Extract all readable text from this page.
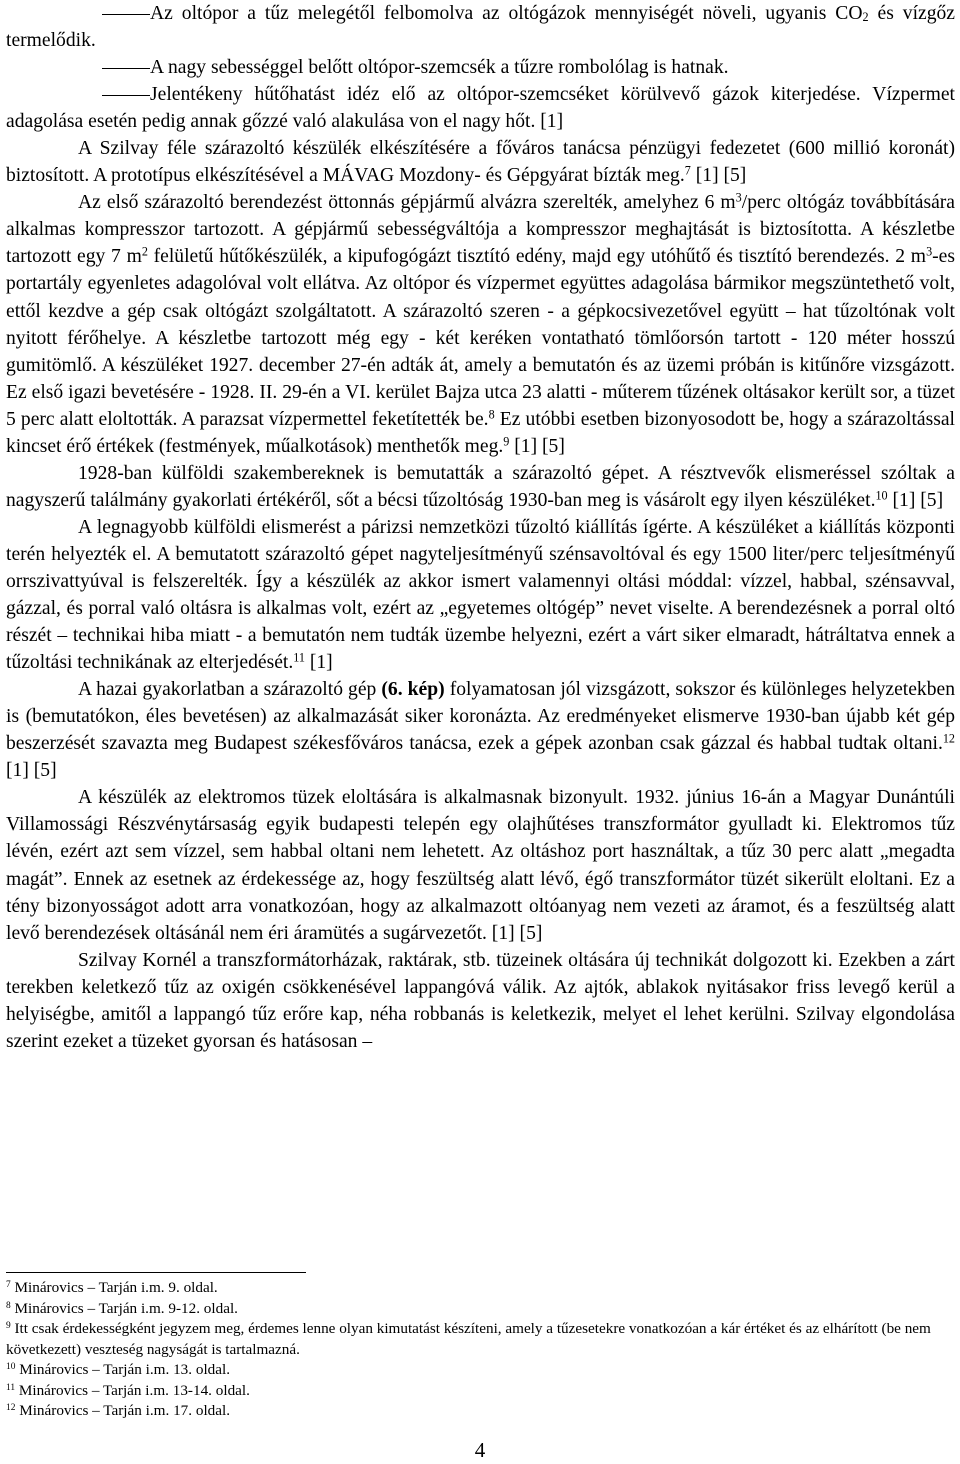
Az oltópor a tűz melegétől felbomolva az oltógázok mennyiségét növeli, ugyanis $CO_2$ és vízgőz termelődik.

A nagy sebességgel belőtt oltópor-szemcsék a tűzre rombolólag is hatnak.

Jelentékeny hűtőhatást idéz elő az oltópor-szemcséket körülvevő gázok kiterjedése. Vízpermet adagolása esetén pedig annak gőzzé való alakulása von el nagy hőt. [1]

A Szilvay féle szárazoltó készülék elkészítésére a főváros tanácsa pénzügyi fedezetet (600 millió koronát) biztosított. A prototípus elkészítésével a MÁVAG Mozdony- és Gépgyárat bízták meg.$^7$ [1] [5]

Az első szárazoltó berendezést öttonnás gépjármű alvázra szerelték, amelyhez 6 $m^3$/perc oltógáz továbbítására alkalmas kompresszor tartozott. A gépjármű sebességváltója a kompresszor meghajtását is biztosította. A készletbe tartozott egy 7 $m^2$ felületű hűtőkészülék, a kipufogógázt tisztító edény, majd egy utóhűtő és tisztító berendezés. 2 $m^3-es$ portartály egyenletes adagolóval volt ellátva. Az oltópor és vízpermet együttes adagolása bármikor megszüntethető volt, ettől kezdve a gép csak oltógázt szolgáltatott. A szárazoltó szeren - a gépkocsivezetővel együtt – hat tűzoltónak volt nyitott férőhelye. A készletbe tartozott még egy - két keréken vontatható tömlőorsón tartott - 120 méter hosszú gumitömlő. A készüléket 1927. december 27-én adták át, amely a bemutatón és az üzemi próbán is kitűnőre vizsgázott. Ez első igazi bevetésére - 1928. II. 29-én a VI. kerület Bajza utca 23 alatti - műterem tűzének oltásakor került sor, a tüzet 5 perc alatt eloltották. A parazsat vízpermettel feketítették be.$^8$ Ez utóbbi esetben bizonyosodott be, hogy a szárazoltással kincset érő értékek (festmények, műalkotások) menthetők meg.$^9$ [1] [5]

1928-ban külföldi szakembereknek is bemutatták a szárazoltó gépet. A résztvevők elismeréssel szóltak a nagyszerű találmány gyakorlati értékéről, sőt a bécsi tűzoltóság 1930-ban meg is vásárolt egy ilyen készüléket.$^{10}$ [1] [5]

A legnagyobb külföldi elismerést a párizsi nemzetközi tűzoltó kiállítás ígérte. A készüléket a kiállítás központi terén helyezték el. A bemutatott szárazoltó gépet nagyteljesítményű szénsavoltóval és egy 1500 liter/perc teljesítményű orrszivattyúval is felszerelték. Így a készülék az akkor ismert valamennyi oltási móddal: vízzel, habbal, szénsavval, gázzal, és porral való oltásra is alkalmas volt, ezért az „egyetemes oltógép” nevet viselte. A berendezésnek a porral oltó részét – technikai hiba miatt - a bemutatón nem tudták üzembe helyezni, ezért a várt siker elmaradt, hátráltatva ennek a tűzoltási technikának az elterjedését.$^{11}$ [1]

A hazai gyakorlatban a szárazoltó gép (6. kép) folyamatosan jól vizsgázott, sokszor és különleges helyzetekben is (bemutatókon, éles bevetésen) az alkalmazását siker koronázta. Az eredményeket elismerve 1930-ban újabb két gép beszerzését szavazta meg Budapest székesfőváros tanácsa, ezek a gépek azonban csak gázzal és habbal tudtak oltani.$^{12}$ [1] [5]

A készülék az elektromos tüzek eloltására is alkalmasnak bizonyult. 1932. június 16-án a Magyar Dunántúli Villamossági Részvénytársaság egyik budapesti telepén egy olajhűtéses transzformátor gyulladt ki. Elektromos tűz lévén, ezért azt sem vízzel, sem habbal oltani nem lehetett. Az oltáshoz port használtak, a tűz 30 perc alatt „megadta magát”. Ennek az esetnek az érdekessége az, hogy feszültség alatt lévő, égő transzformátor tüzét sikerült eloltani. Ez a tény bizonyosságot adott arra vonatkozóan, hogy az alkalmazott oltóanyag nem vezeti az áramot, és a feszültség alatt levő berendezések oltásánál nem éri áramütés a sugárvezetőt. [1] [5]

Szilvay Kornél a transzformátorházak, raktárak, stb. tüzeinek oltására új technikát dolgozott ki. Ezekben a zárt terekben keletkező tűz az oxigén csökkenésével lappangóvá válik. Az ajtók, ablakok nyitásakor friss levegő kerül a helyiségbe, amitől a lappangó tűz erőre kap, néha robbanás is keletkezik, melyet el lehet kerülni. Szilvay elgondolása szerint ezeket a tüzeket gyorsan és hatásosan –

$^7$ Minárovics – Tarján i.m. 9. oldal.

$^8$ Minárovics – Tarján i.m. 9-12. oldal.

$^9$ Itt csak érdekességként jegyzem meg, érdemes lenne olyan kimutatást készíteni, amely a tűzesetekre vonatkozóan a kár értéket és az elhárított (be nem következett) veszteség nagyságát is tartalmazná.

$^{10}$ Minárovics – Tarján i.m. 13. oldal.

$^{11}$ Minárovics – Tarján i.m. 13-14. oldal.

$^{12}$ Minárovics – Tarján i.m. 17. oldal.

4
